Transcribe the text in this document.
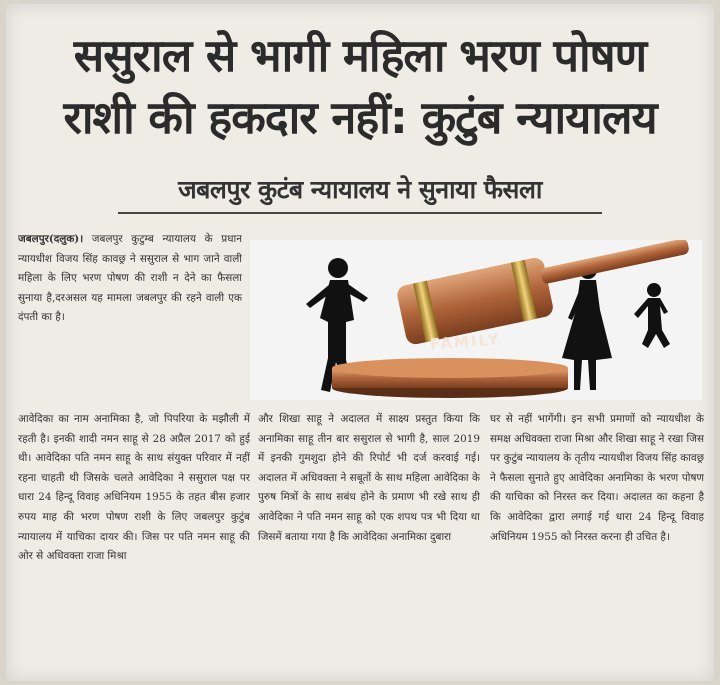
ससुराल से भागी महिला भरण पोषण
राशी की हकदार नहीं: कुटुंब न्यायालय
जबलपुर कुटंब न्यायालय ने सुनाया फैसला

जबलपुर(दलुक)। जबलपुर कुटुम्ब न्यायालय के प्रधान न्यायधीश विजय सिंह कावछ्र ने ससुराल से भाग जाने वाली महिला के लिए भरण पोषण की राशी न देने का फैसला सुनाया है,दरअसल यह मामला जबलपुर की रहने वाली एक दंपती का है।

FAMILY

आवेदिका का नाम अनामिका है, जो पिपरिया के मझौली में रहती है। इनकी शादी नमन साहू से 28 अप्रैल 2017 को हुई थी। आवेदिका पति नमन साहू के साथ संयुक्त परिवार में नहीं रहना चाहती थी जिसके चलते आवेदिका ने ससुराल पक्ष पर धारा 24 हिन्दू विवाह अधिनियम 1955 के तहत बीस हजार रुपय माह की भरण पोषण राशी के लिए जबलपुर कुटुंब न्यायालय में याचिका दायर की। जिस पर पति नमन साहू की ओर से अधिवक्ता राजा मिश्रा

और शिखा साहू ने अदालत में साक्ष्य प्रस्तुत किया कि अनामिका साहू तीन बार ससुराल से भागी है, साल 2019 में इनकी गुमशुदा होने की रिपोर्ट भी दर्ज करवाई गई। अदालत में अधिवक्ता ने सबूतों के साथ महिला आवेदिका के पुरुष मित्रों के साथ सबंध होने के प्रमाण भी रखे साथ ही आवेदिका ने पति नमन साहू को एक शपथ पत्र भी दिया था जिसमें बताया गया है कि आवेदिका अनामिका दुबारा

घर से नहीं भागेंगी। इन सभी प्रमाणों को न्यायधीश के समक्ष अधिवक्ता राजा मिश्रा और शिखा साहू ने रखा जिस पर कुटुंब न्यायालय के तृतीय न्यायधीश विजय सिंह कावछ्र ने फैसला सुनाते हुए आवेदिका अनामिका के भरण पोषण की याचिका को निरस्त कर दिया। अदालत का कहना है कि आवेदिका द्वारा लगाई गई धारा 24 हिन्दू विवाह अधिनियम 1955 को निरस्त करना ही उचित है।
